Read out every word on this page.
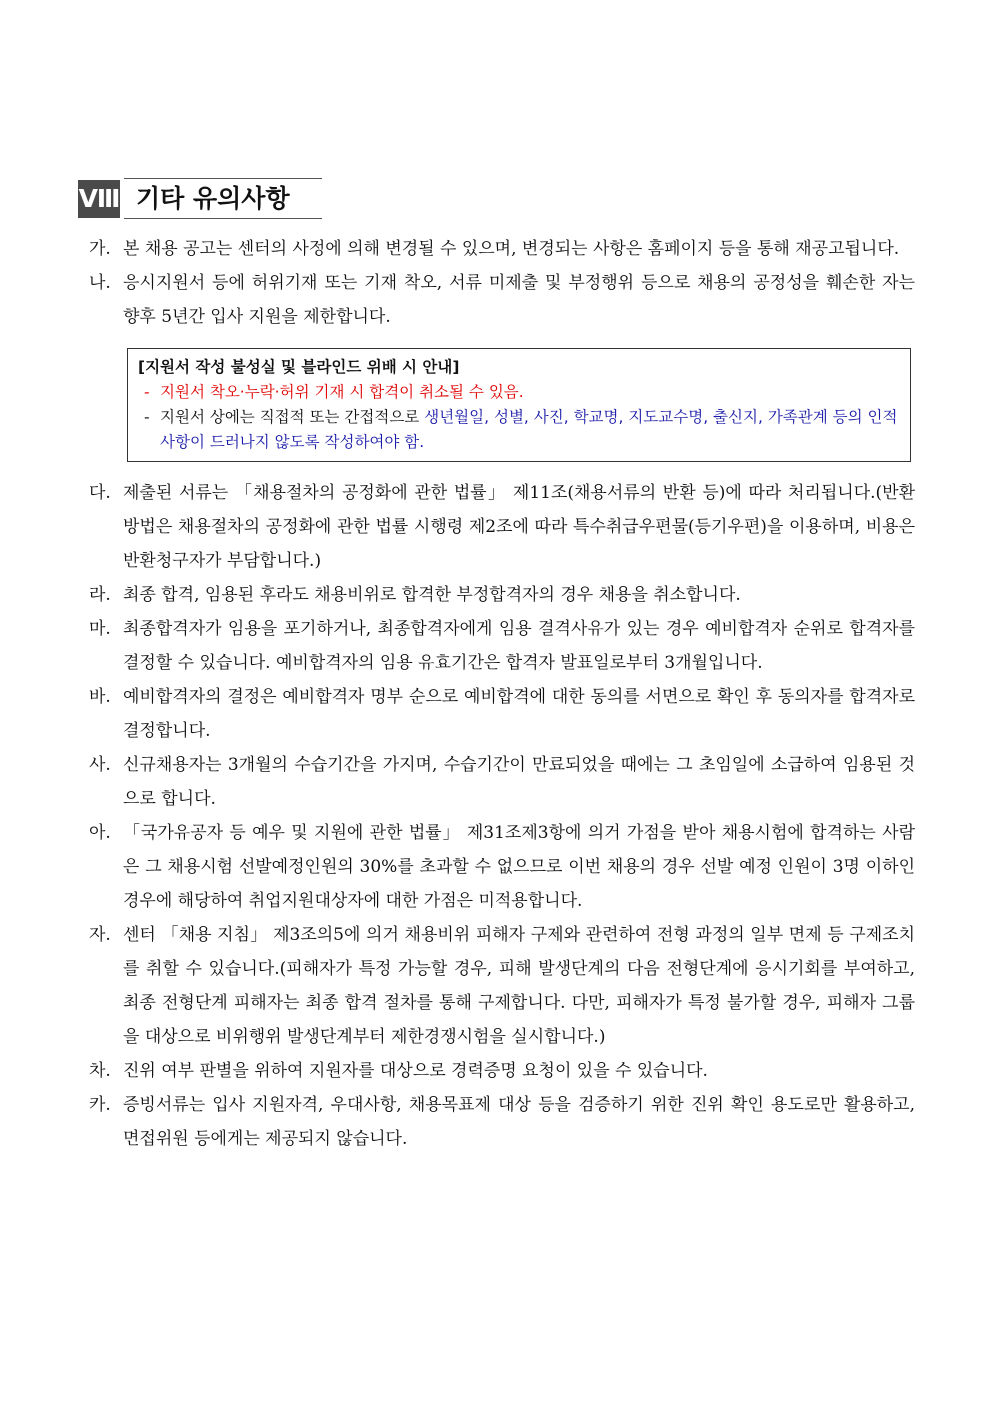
Ⅷ 기타 유의사항

가. 본 채용 공고는 센터의 사정에 의해 변경될 수 있으며, 변경되는 사항은 홈페이지 등을 통해 재공고됩니다.

나. 응시지원서 등에 허위기재 또는 기재 착오, 서류 미제출 및 부정행위 등으로 채용의 공정성을 훼손한 자는 향후 5년간 입사 지원을 제한합니다.

[지원서 작성 불성실 및 블라인드 위배 시 안내]
- 지원서 착오·누락·허위 기재 시 합격이 취소될 수 있음.
- 지원서 상에는 직접적 또는 간접적으로 생년월일, 성별, 사진, 학교명, 지도교수명, 출신지, 가족관계 등의 인적 사항이 드러나지 않도록 작성하여야 함.

다. 제출된 서류는 「채용절차의 공정화에 관한 법률」 제11조(채용서류의 반환 등)에 따라 처리됩니다.(반환 방법은 채용절차의 공정화에 관한 법률 시행령 제2조에 따라 특수취급우편물(등기우편)을 이용하며, 비용은 반환청구자가 부담합니다.)

라. 최종 합격, 임용된 후라도 채용비위로 합격한 부정합격자의 경우 채용을 취소합니다.

마. 최종합격자가 임용을 포기하거나, 최종합격자에게 임용 결격사유가 있는 경우 예비합격자 순위로 합격자를 결정할 수 있습니다. 예비합격자의 임용 유효기간은 합격자 발표일로부터 3개월입니다.

바. 예비합격자의 결정은 예비합격자 명부 순으로 예비합격에 대한 동의를 서면으로 확인 후 동의자를 합격자로 결정합니다.

사. 신규채용자는 3개월의 수습기간을 가지며, 수습기간이 만료되었을 때에는 그 초임일에 소급하여 임용된 것으로 합니다.

아. 「국가유공자 등 예우 및 지원에 관한 법률」 제31조제3항에 의거 가점을 받아 채용시험에 합격하는 사람은 그 채용시험 선발예정인원의 30%를 초과할 수 없으므로 이번 채용의 경우 선발 예정 인원이 3명 이하인 경우에 해당하여 취업지원대상자에 대한 가점은 미적용합니다.

자. 센터 「채용 지침」 제3조의5에 의거 채용비위 피해자 구제와 관련하여 전형 과정의 일부 면제 등 구제조치를 취할 수 있습니다.(피해자가 특정 가능할 경우, 피해 발생단계의 다음 전형단계에 응시기회를 부여하고, 최종 전형단계 피해자는 최종 합격 절차를 통해 구제합니다. 다만, 피해자가 특정 불가할 경우, 피해자 그룹을 대상으로 비위행위 발생단계부터 제한경쟁시험을 실시합니다.)

차. 진위 여부 판별을 위하여 지원자를 대상으로 경력증명 요청이 있을 수 있습니다.

카. 증빙서류는 입사 지원자격, 우대사항, 채용목표제 대상 등을 검증하기 위한 진위 확인 용도로만 활용하고, 면접위원 등에게는 제공되지 않습니다.
